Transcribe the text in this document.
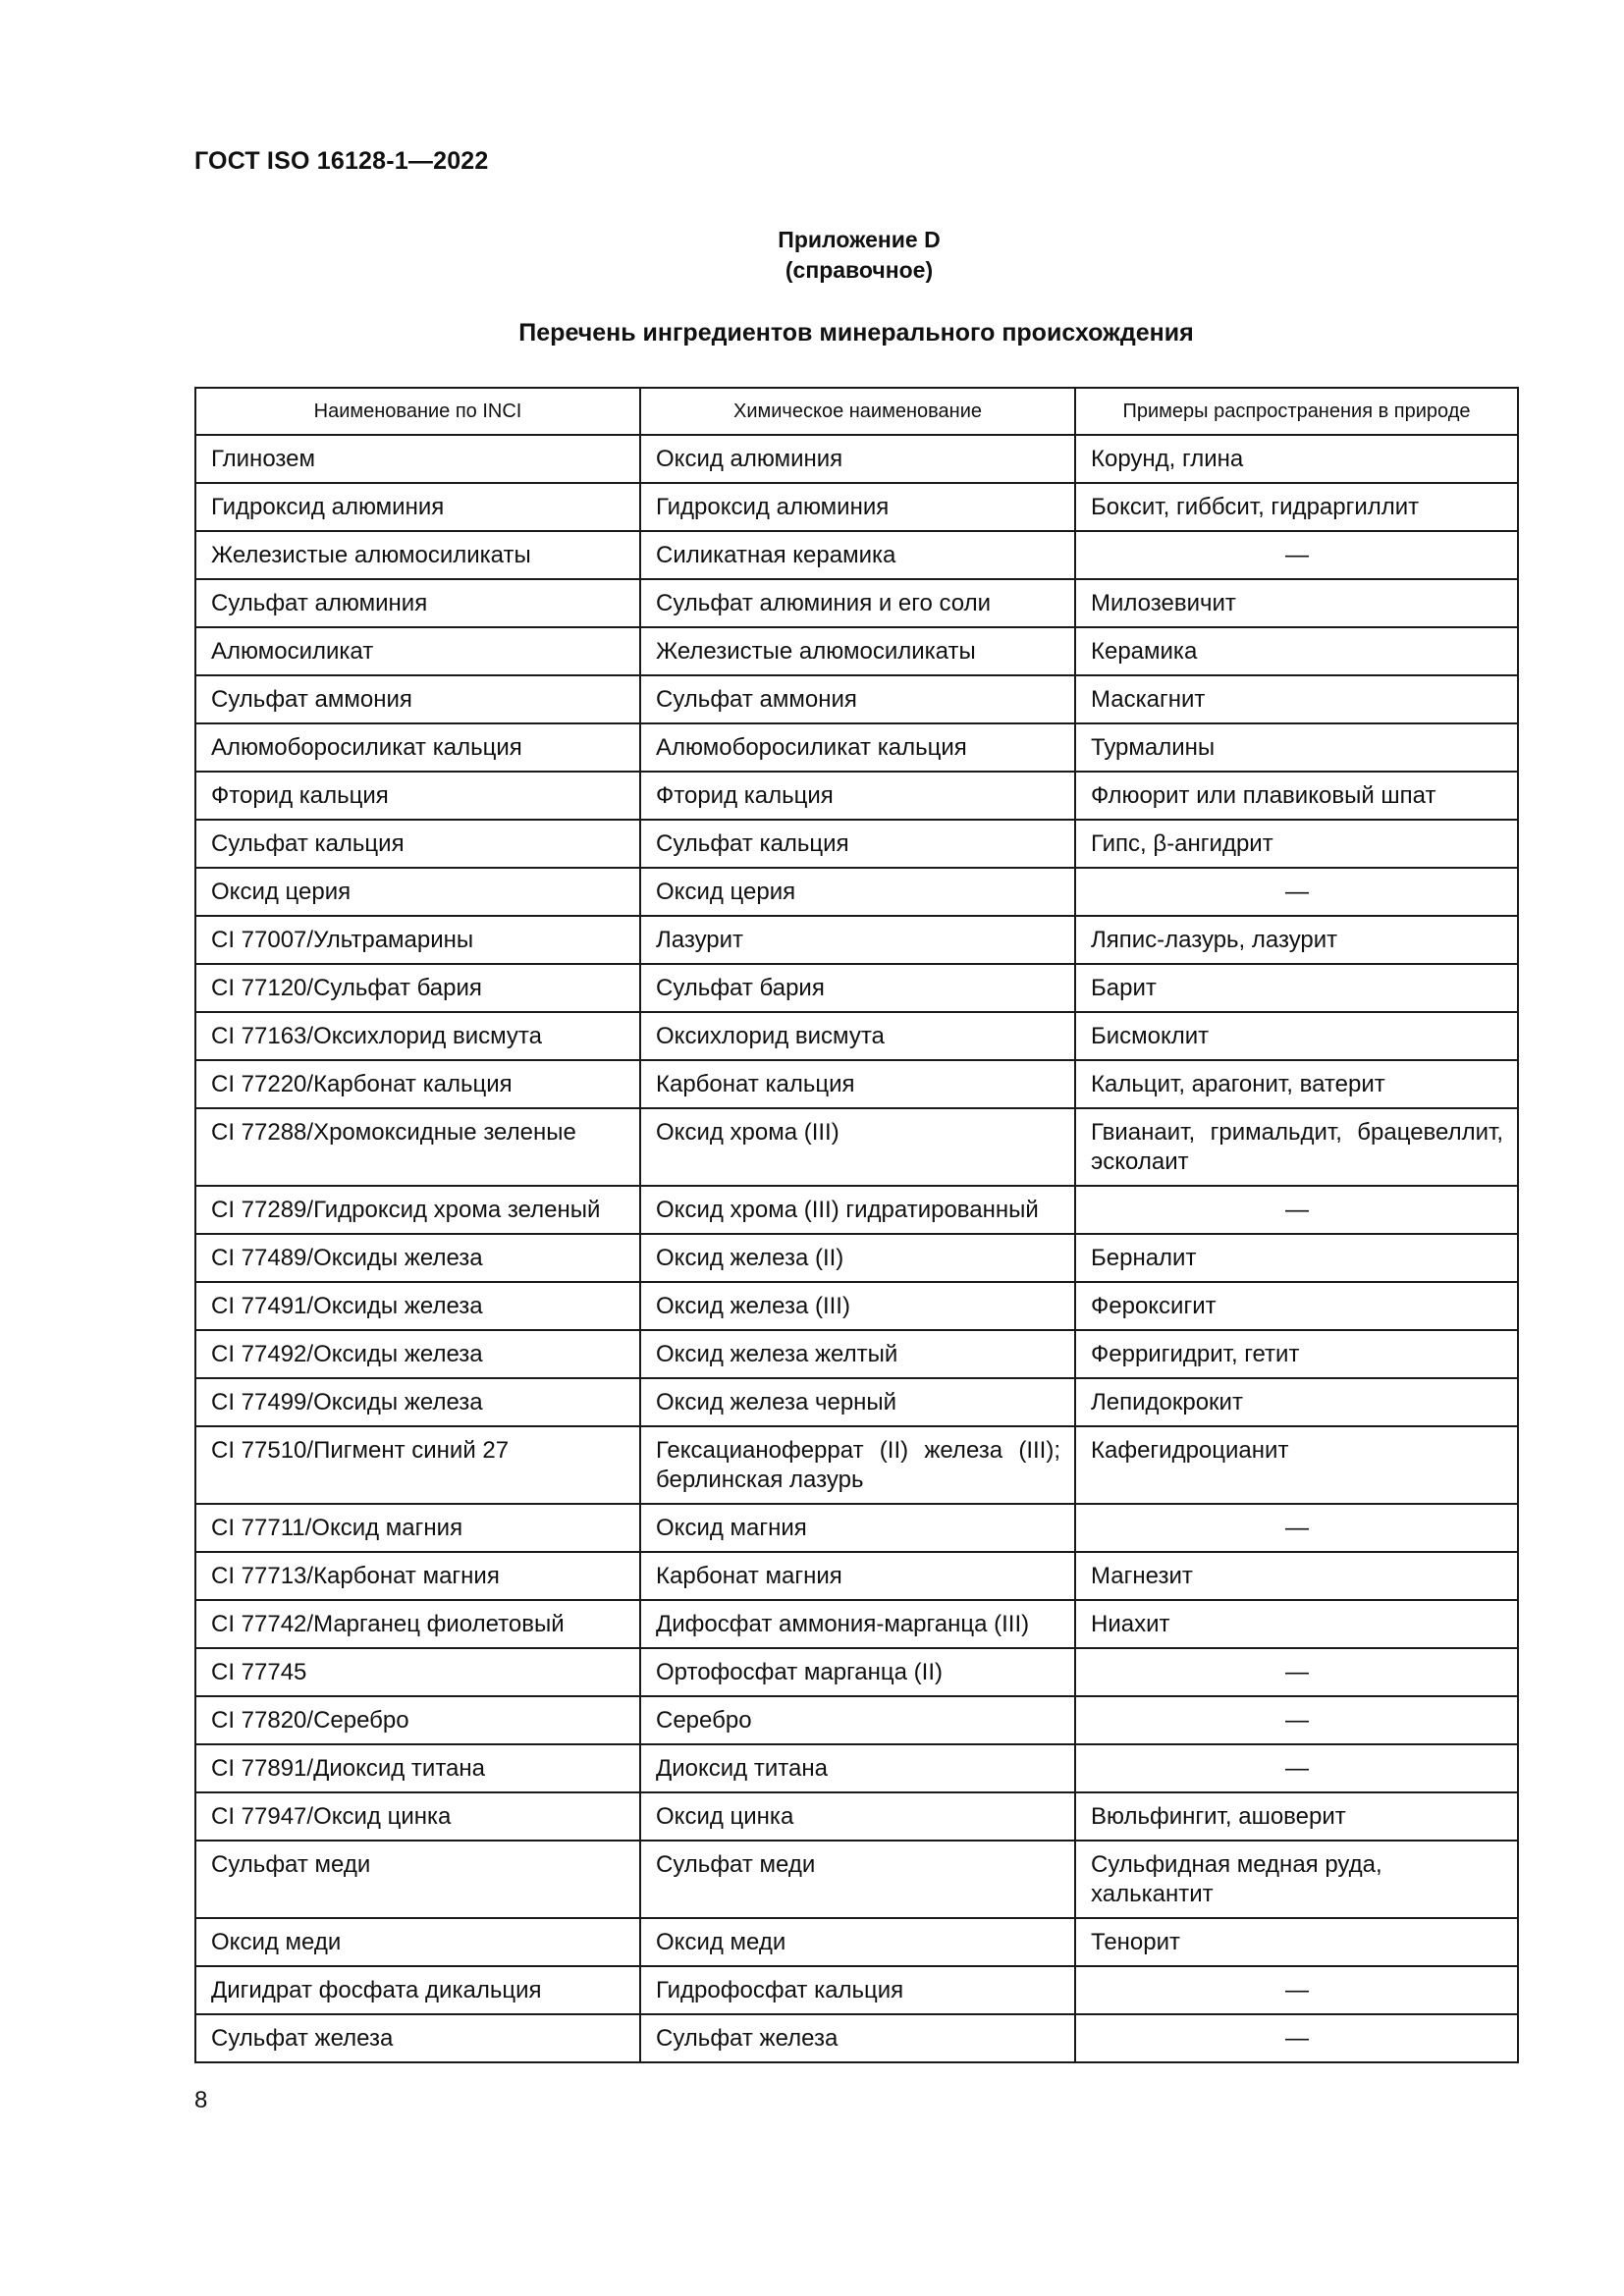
ГОСТ ISO 16128-1—2022
Приложение D
(справочное)
Перечень ингредиентов минерального происхождения
Наименование по INCI	Химическое наименование	Примеры распространения в природе
Глинозем	Оксид алюминия	Корунд, глина
Гидроксид алюминия	Гидроксид алюминия	Боксит, гиббсит, гидраргиллит
Железистые алюмосиликаты	Силикатная керамика	—
Сульфат алюминия	Сульфат алюминия и его соли	Милозевичит
Алюмосиликат	Железистые алюмосиликаты	Керамика
Сульфат аммония	Сульфат аммония	Маскагнит
Алюмоборосиликат кальция	Алюмоборосиликат кальция	Турмалины
Фторид кальция	Фторид кальция	Флюорит или плавиковый шпат
Сульфат кальция	Сульфат кальция	Гипс, β-ангидрит
Оксид церия	Оксид церия	—
CI 77007/Ультрамарины	Лазурит	Ляпис-лазурь, лазурит
CI 77120/Сульфат бария	Сульфат бария	Барит
CI 77163/Оксихлорид висмута	Оксихлорид висмута	Бисмоклит
CI 77220/Карбонат кальция	Карбонат кальция	Кальцит, арагонит, ватерит
CI 77288/Хромоксидные зеленые	Оксид хрома (III)	Гвианаит, гримальдит, брацевеллит, эсколаит
CI 77289/Гидроксид хрома зеленый	Оксид хрома (III) гидратированный	—
CI 77489/Оксиды железа	Оксид железа (II)	Берналит
CI 77491/Оксиды железа	Оксид железа (III)	Фероксигит
CI 77492/Оксиды железа	Оксид железа желтый	Ферригидрит, гетит
CI 77499/Оксиды железа	Оксид железа черный	Лепидокрокит
CI 77510/Пигмент синий 27	Гексацианоферрат (II) железа (III); берлинская лазурь	Кафегидроцианит
CI 77711/Оксид магния	Оксид магния	—
CI 77713/Карбонат магния	Карбонат магния	Магнезит
CI 77742/Марганец фиолетовый	Дифосфат аммония-марганца (III)	Ниахит
CI 77745	Ортофосфат марганца (II)	—
CI 77820/Серебро	Серебро	—
CI 77891/Диоксид титана	Диоксид титана	—
CI 77947/Оксид цинка	Оксид цинка	Вюльфингит, ашоверит
Сульфат меди	Сульфат меди	Сульфидная медная руда, халькантит
Оксид меди	Оксид меди	Тенорит
Дигидрат фосфата дикальция	Гидрофосфат кальция	—
Сульфат железа	Сульфат железа	—
8
